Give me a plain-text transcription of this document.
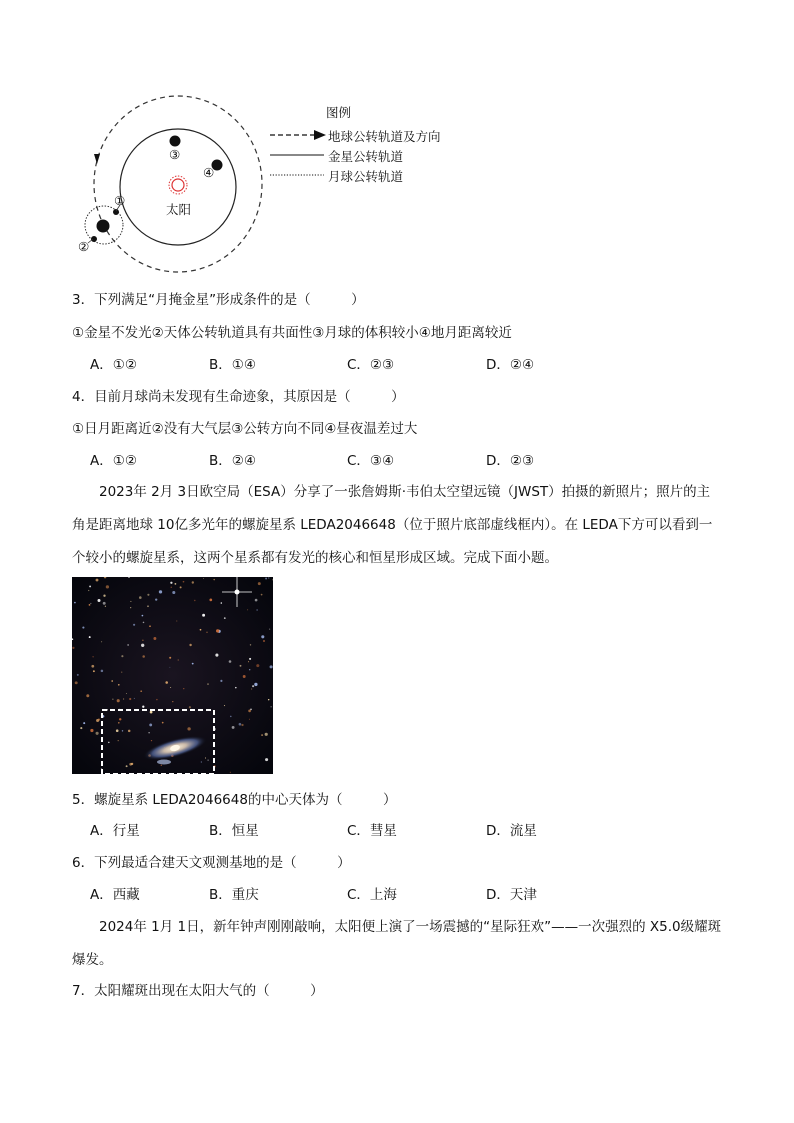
①
②
③
④
太阳
图例
地球公转轨道及方向
金星公转轨道
月球公转轨道
3．下列满足“月掩金星”形成条件的是（　　　）
①金星不发光②天体公转轨道具有共面性③月球的体积较小④地月距离较近
A．①②	B．①④	C．②③	D．②④
4．目前月球尚未发现有生命迹象，其原因是（　　　）
①日月距离近②没有大气层③公转方向不同④昼夜温差过大
A．①②	B．②④	C．③④	D．②③
2023年 2月 3日欧空局（ESA）分享了一张詹姆斯·韦伯太空望远镜（JWST）拍摄的新照片；照片的主角是距离地球 10亿多光年的螺旋星系 LEDA2046648（位于照片底部虚线框内）。在 LEDA下方可以看到一个较小的螺旋星系，这两个星系都有发光的核心和恒星形成区域。完成下面小题。
5．螺旋星系 LEDA2046648的中心天体为（　　　）
A．行星	B．恒星	C．彗星	D．流星
6．下列最适合建天文观测基地的是（　　　）
A．西藏	B．重庆	C．上海	D．天津
2024年 1月 1日，新年钟声刚刚敲响，太阳便上演了一场震撼的“星际狂欢”——一次强烈的 X5.0级耀斑爆发。
7．太阳耀斑出现在太阳大气的（　　　）
